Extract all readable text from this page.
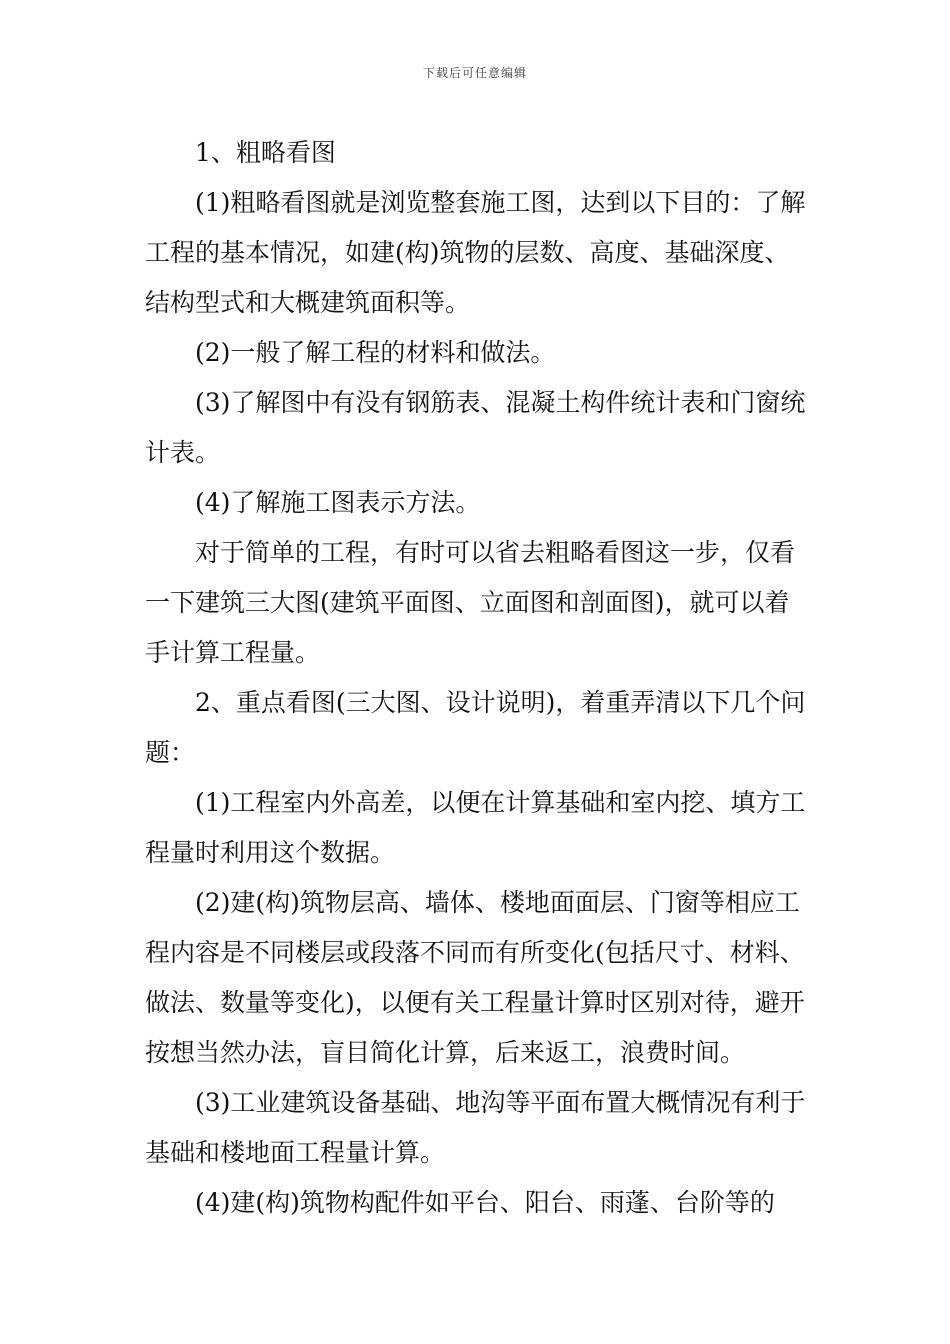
下载后可任意编辑

1、粗略看图

(1)粗略看图就是浏览整套施工图，达到以下目的：了解工程的基本情况，如建(构)筑物的层数、高度、基础深度、结构型式和大概建筑面积等。

(2)一般了解工程的材料和做法。

(3)了解图中有没有钢筋表、混凝土构件统计表和门窗统计表。

(4)了解施工图表示方法。

对于简单的工程，有时可以省去粗略看图这一步，仅看一下建筑三大图(建筑平面图、立面图和剖面图)，就可以着手计算工程量。

2、重点看图(三大图、设计说明)，着重弄清以下几个问题：

(1)工程室内外高差，以便在计算基础和室内挖、填方工程量时利用这个数据。

(2)建(构)筑物层高、墙体、楼地面面层、门窗等相应工程内容是不同楼层或段落不同而有所变化(包括尺寸、材料、做法、数量等变化)，以便有关工程量计算时区别对待，避开按想当然办法，盲目简化计算，后来返工，浪费时间。

(3)工业建筑设备基础、地沟等平面布置大概情况有利于基础和楼地面工程量计算。

(4)建(构)筑物构配件如平台、阳台、雨蓬、台阶等的
